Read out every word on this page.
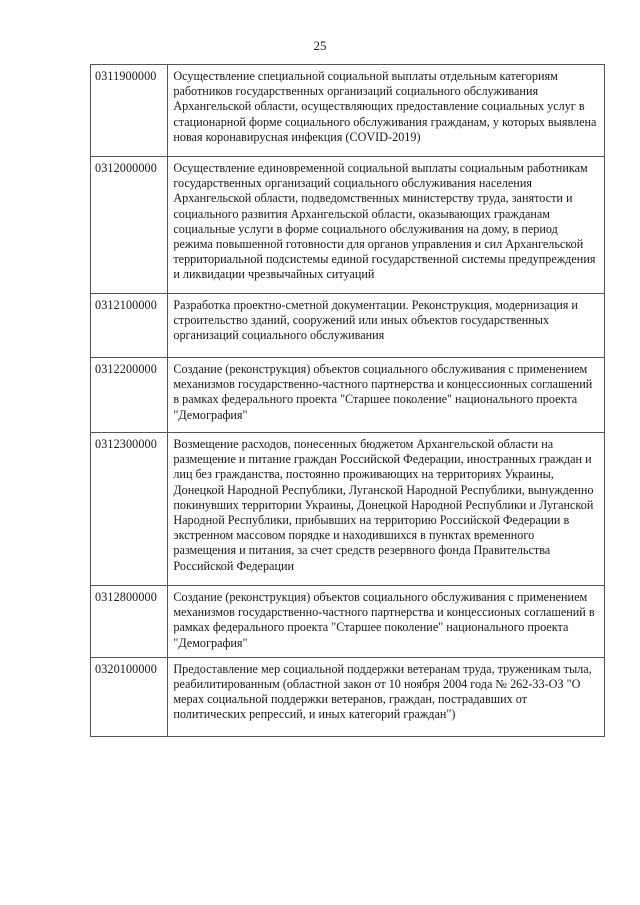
25
0311900000	Осуществление специальной социальной выплаты отдельным категориям работников государственных организаций социального обслуживания Архангельской области, осуществляющих предоставление социальных услуг в стационарной форме социального обслуживания гражданам, у которых выявлена новая коронавирусная инфекция (COVID-2019)
0312000000	Осуществление единовременной социальной выплаты социальным работникам государственных организаций социального обслуживания населения Архангельской области, подведомственных министерству труда, занятости и социального развития Архангельской области, оказывающих гражданам социальные услуги в форме социального обслуживания на дому, в период режима повышенной готовности для органов управления и сил Архангельской территориальной подсистемы единой государственной системы предупреждения и ликвидации чрезвычайных ситуаций
0312100000	Разработка проектно-сметной документации. Реконструкция, модернизация и строительство зданий, сооружений или иных объектов государственных организаций социального обслуживания
0312200000	Создание (реконструкция) объектов социального обслуживания с применением механизмов государственно-частного партнерства и концессионных соглашений в рамках федерального проекта "Старшее поколение" национального проекта "Демография"
0312300000	Возмещение расходов, понесенных бюджетом Архангельской области на размещение и питание граждан Российской Федерации, иностранных граждан и лиц без гражданства, постоянно проживающих на территориях Украины, Донецкой Народной Республики, Луганской Народной Республики, вынужденно покинувших территории Украины, Донецкой Народной Республики и Луганской Народной Республики, прибывших на территорию Российской Федерации в экстренном массовом порядке и находившихся в пунктах временного размещения и питания, за счет средств резервного фонда Правительства Российской Федерации
0312800000	Создание (реконструкция) объектов социального обслуживания с применением механизмов государственно-частного партнерства и концессионых соглашений в рамках федерального проекта "Старшее поколение" национального проекта "Демография"
0320100000	Предоставление мер социальной поддержки ветеранам труда, труженикам тыла, реабилитированным (областной закон от 10 ноября 2004 года № 262-33-ОЗ "О мерах социальной поддержки ветеранов, граждан, пострадавших от политических репрессий, и иных категорий граждан")
